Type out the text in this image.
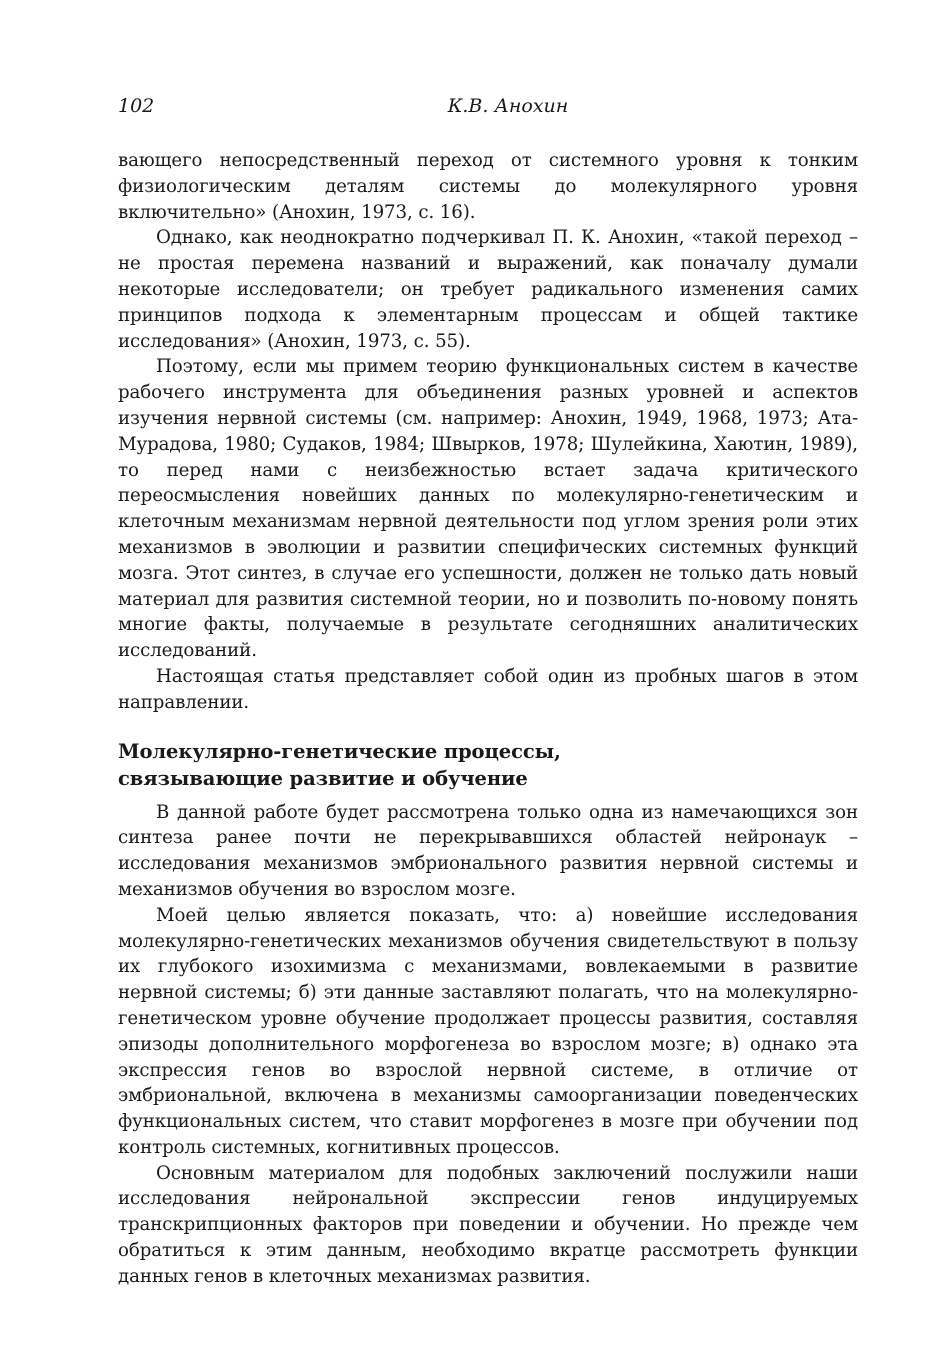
102	К.В. Анохин

вающего непосредственный переход от системного уровня к тонким физиологическим деталям системы до молекулярного уровня включительно» (Анохин, 1973, с. 16).

Однако, как неоднократно подчеркивал П. К. Анохин, «такой переход – не простая перемена названий и выражений, как поначалу думали некоторые исследователи; он требует радикального изменения самих принципов подхода к элементарным процессам и общей тактике исследования» (Анохин, 1973, с. 55).

Поэтому, если мы примем теорию функциональных систем в качестве рабочего инструмента для объединения разных уровней и аспектов изучения нервной системы (см. например: Анохин, 1949, 1968, 1973; Ата-Мурадова, 1980; Судаков, 1984; Швырков, 1978; Шулейкина, Хаютин, 1989), то перед нами с неизбежностью встает задача критического переосмысления новейших данных по молекулярно-генетическим и клеточным механизмам нервной деятельности под углом зрения роли этих механизмов в эволюции и развитии специфических системных функций мозга. Этот синтез, в случае его успешности, должен не только дать новый материал для развития системной теории, но и позволить по-новому понять многие факты, получаемые в результате сегодняшних аналитических исследований.

Настоящая статья представляет собой один из пробных шагов в этом направлении.

Молекулярно-генетические процессы,
связывающие развитие и обучение

В данной работе будет рассмотрена только одна из намечающихся зон синтеза ранее почти не перекрывавшихся областей нейронаук – исследования механизмов эмбрионального развития нервной системы и механизмов обучения во взрослом мозге.

Моей целью является показать, что: а) новейшие исследования молекулярно-генетических механизмов обучения свидетельствуют в пользу их глубокого изохимизма с механизмами, вовлекаемыми в развитие нервной системы; б) эти данные заставляют полагать, что на молекулярно-генетическом уровне обучение продолжает процессы развития, составляя эпизоды дополнительного морфогенеза во взрослом мозге; в) однако эта экспрессия генов во взрослой нервной системе, в отличие от эмбриональной, включена в механизмы самоорганизации поведенческих функциональных систем, что ставит морфогенез в мозге при обучении под контроль системных, когнитивных процессов.

Основным материалом для подобных заключений послужили наши исследования нейрональной экспрессии генов индуцируемых транскрипционных факторов при поведении и обучении. Но прежде чем обратиться к этим данным, необходимо вкратце рассмотреть функции данных генов в клеточных механизмах развития.
